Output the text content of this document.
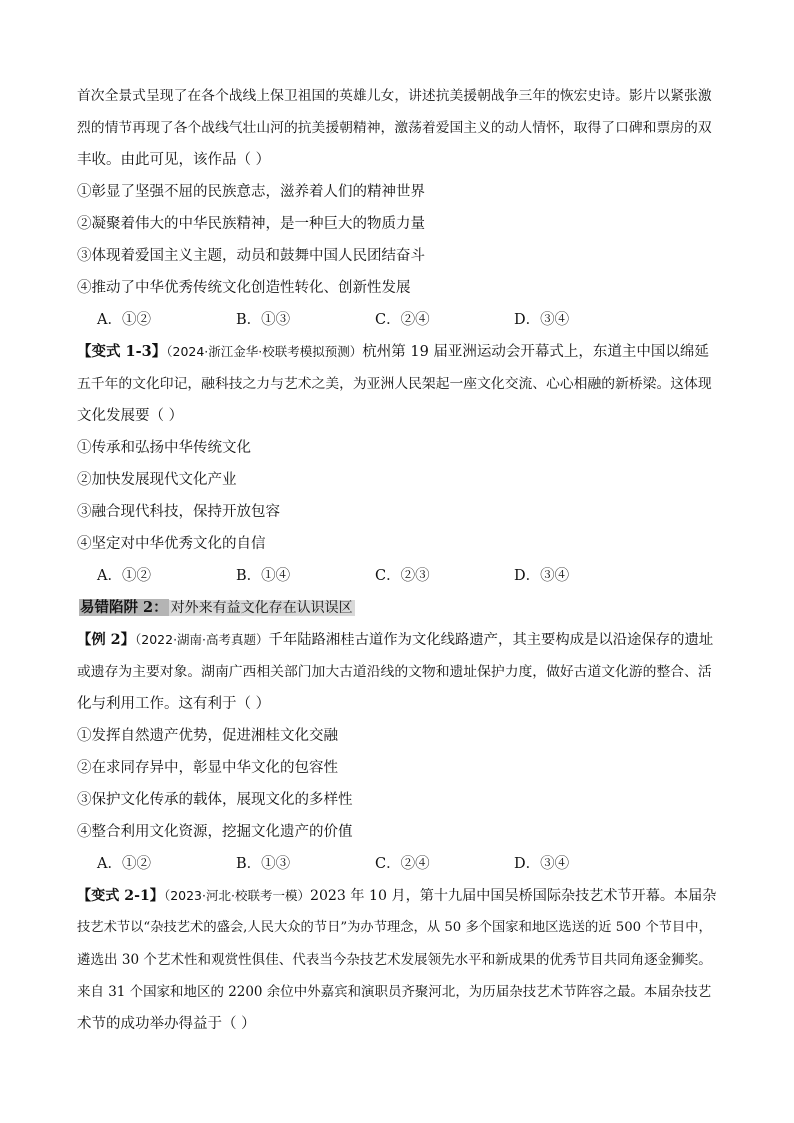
首次全景式呈现了在各个战线上保卫祖国的英雄儿女，讲述抗美援朝战争三年的恢宏史诗。影片以紧张激
烈的情节再现了各个战线气壮山河的抗美援朝精神，激荡着爱国主义的动人情怀，取得了口碑和票房的双
丰收。由此可见，该作品（ ）
①彰显了坚强不屈的民族意志，滋养着人们的精神世界
②凝聚着伟大的中华民族精神，是一种巨大的物质力量
③体现着爱国主义主题，动员和鼓舞中国人民团结奋斗
④推动了中华优秀传统文化创造性转化、创新性发展
A．①②	B．①③	C．②④	D．③④
【变式 1-3】（2024·浙江金华·校联考模拟预测）杭州第 19 届亚洲运动会开幕式上，东道主中国以绵延
五千年的文化印记，融科技之力与艺术之美，为亚洲人民架起一座文化交流、心心相融的新桥梁。这体现
文化发展要（ ）
①传承和弘扬中华传统文化
②加快发展现代文化产业
③融合现代科技，保持开放包容
④坚定对中华优秀文化的自信
A．①②	B．①④	C．②③	D．③④
易错陷阱 2： 对外来有益文化存在认识误区
【例 2】（2022·湖南·高考真题）千年陆路湘桂古道作为文化线路遗产，其主要构成是以沿途保存的遗址
或遗存为主要对象。湖南广西相关部门加大古道沿线的文物和遗址保护力度，做好古道文化游的整合、活
化与利用工作。这有利于（ ）
①发挥自然遗产优势，促进湘桂文化交融
②在求同存异中，彰显中华文化的包容性
③保护文化传承的载体，展现文化的多样性
④整合利用文化资源，挖掘文化遗产的价值
A．①②	B．①③	C．②④	D．③④
【变式 2-1】（2023·河北·校联考一模）2023 年 10 月，第十九届中国吴桥国际杂技艺术节开幕。本届杂
技艺术节以“杂技艺术的盛会,人民大众的节日”为办节理念，从 50 多个国家和地区选送的近 500 个节目中，
遴选出 30 个艺术性和观赏性俱佳、代表当今杂技艺术发展领先水平和新成果的优秀节目共同角逐金狮奖。
来自 31 个国家和地区的 2200 余位中外嘉宾和演职员齐聚河北，为历届杂技艺术节阵容之最。本届杂技艺
术节的成功举办得益于（ ）
